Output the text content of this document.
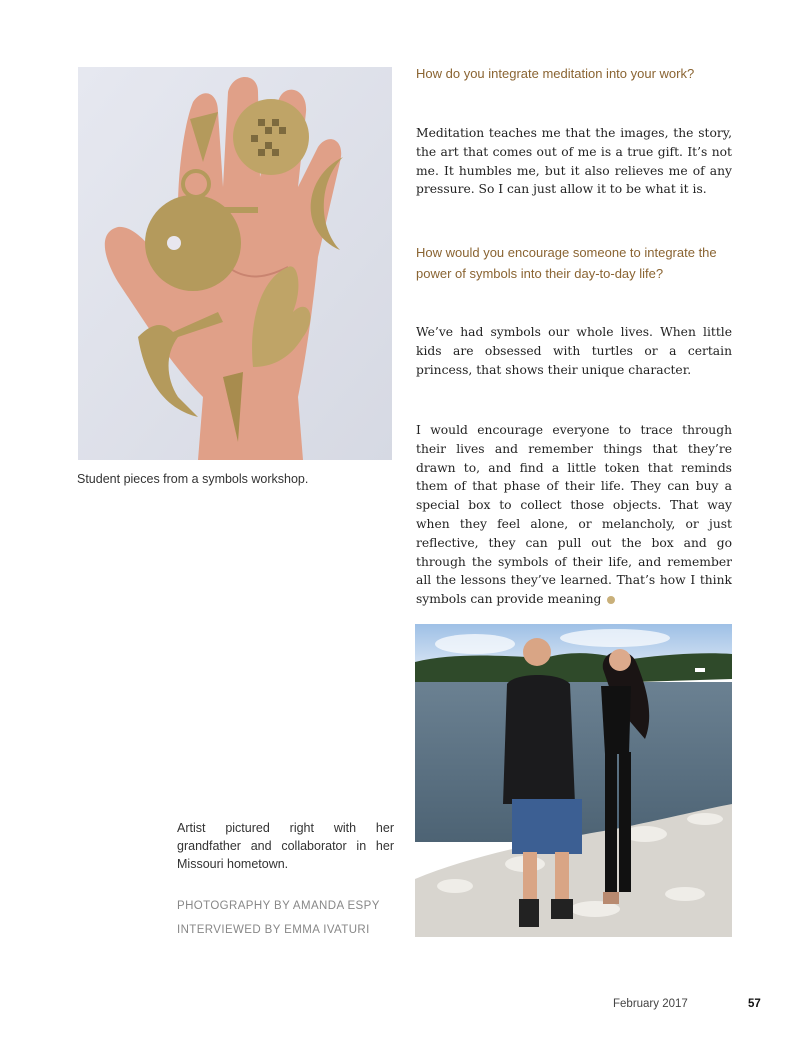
Student pieces from a symbols workshop.
How do you integrate meditation into your work?
Meditation teaches me that the images, the story, the art that comes out of me is a true gift. It’s not me. It humbles me, but it also relieves me of any pressure. So I can just allow it to be what it is.
How would you encourage someone to integrate the power of symbols into their day-to-day life?
We’ve had symbols our whole lives. When little kids are obsessed with turtles or a certain princess, that shows their unique character.
I would encourage everyone to trace through their lives and remember things that they’re drawn to, and find a little token that reminds them of that phase of their life. They can buy a special box to collect those objects. That way when they feel alone, or melancholy, or just reflective, they can pull out the box and go through the symbols of their life, and remember all the lessons they’ve learned. That’s how I think symbols can provide meaning
Artist pictured right with her grandfather and collaborator in her Missouri hometown.
PHOTOGRAPHY BY AMANDA ESPY
INTERVIEWED BY EMMA IVATURI
February 2017	57
